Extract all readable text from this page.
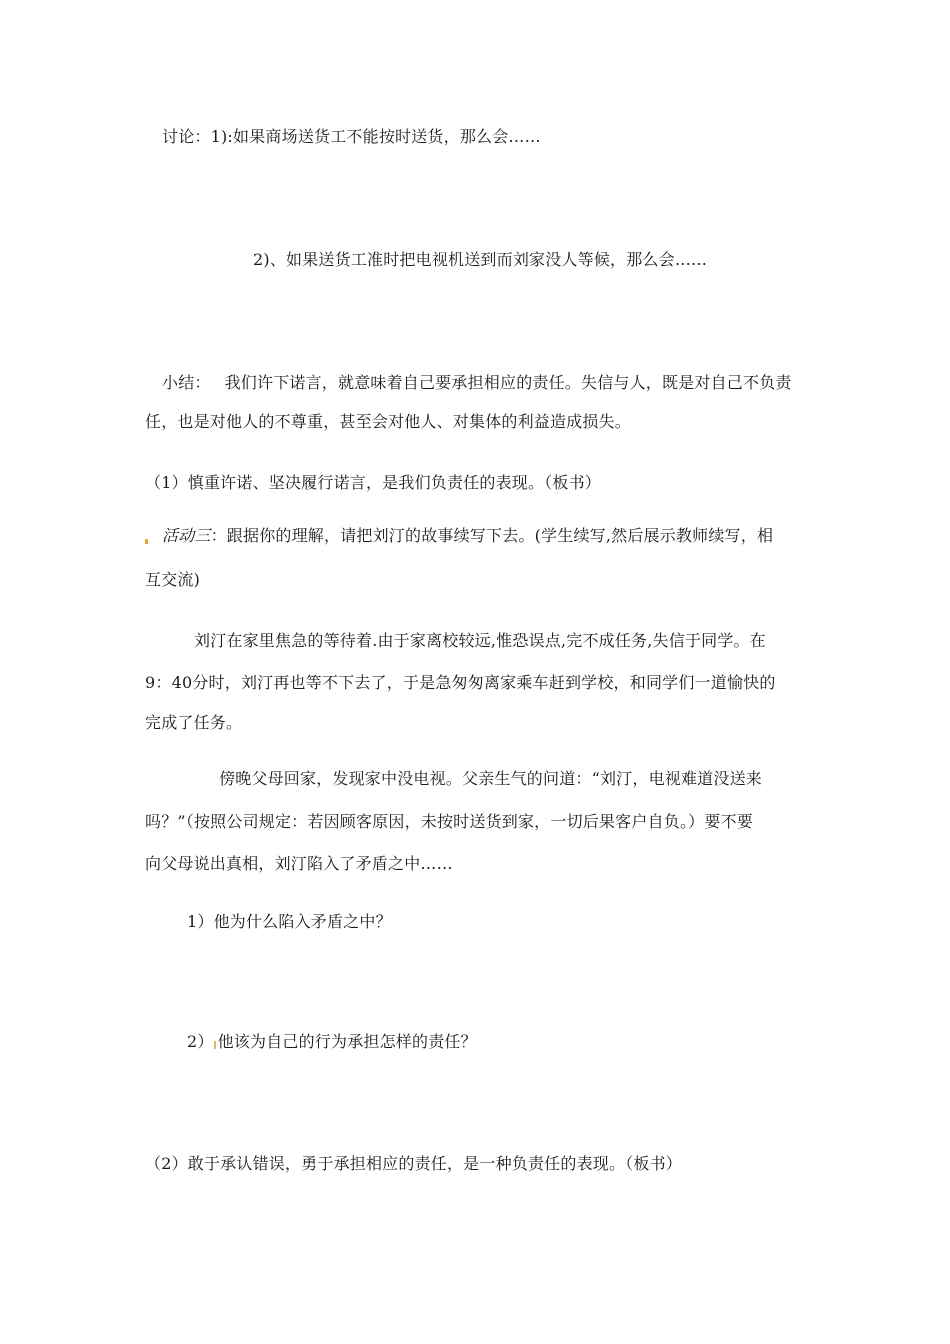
讨论：1):如果商场送货工不能按时送货，那么会……
2)、如果送货工准时把电视机送到而刘家没人等候，那么会……
小结： 我们许下诺言，就意味着自己要承担相应的责任。失信与人，既是对自己不负责
任，也是对他人的不尊重，甚至会对他人、对集体的利益造成损失。
（1）慎重许诺、坚决履行诺言，是我们负责任的表现。（板书）
活动三：跟据你的理解，请把刘汀的故事续写下去。(学生续写,然后展示教师续写，相
互交流)
刘汀在家里焦急的等待着.由于家离校较远,惟恐误点,完不成任务,失信于同学。在
9：40分时，刘汀再也等不下去了，于是急匆匆离家乘车赶到学校，和同学们一道愉快的
完成了任务。
傍晚父母回家，发现家中没电视。父亲生气的问道：“刘汀，电视难道没送来
吗？”（按照公司规定：若因顾客原因，未按时送货到家，一切后果客户自负。）要不要
向父母说出真相，刘汀陷入了矛盾之中……
1）他为什么陷入矛盾之中？
2） 他该为自己的行为承担怎样的责任？
（2）敢于承认错误，勇于承担相应的责任，是一种负责任的表现。（板书）
